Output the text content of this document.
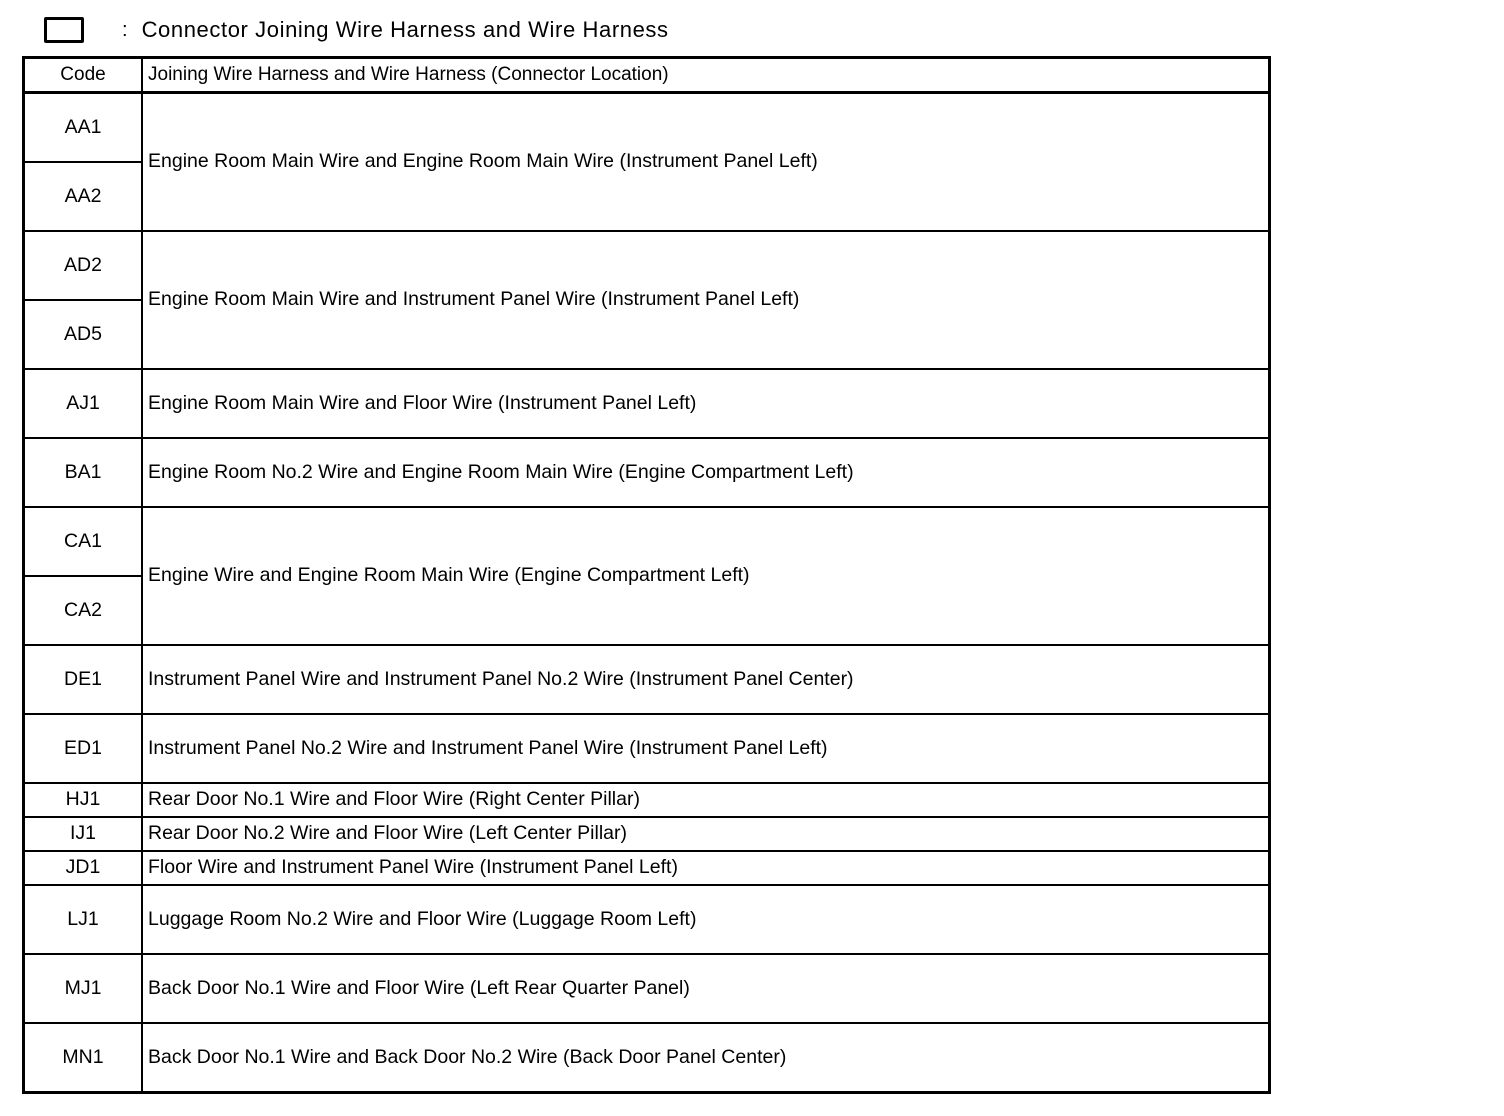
: Connector Joining Wire Harness and Wire Harness
Code	Joining Wire Harness and Wire Harness (Connector Location)
AA1	Engine Room Main Wire and Engine Room Main Wire (Instrument Panel Left)
AA2	
AD2	Engine Room Main Wire and Instrument Panel Wire (Instrument Panel Left)
AD5	
AJ1	Engine Room Main Wire and Floor Wire (Instrument Panel Left)
BA1	Engine Room No.2 Wire and Engine Room Main Wire (Engine Compartment Left)
CA1	Engine Wire and Engine Room Main Wire (Engine Compartment Left)
CA2	
DE1	Instrument Panel Wire and Instrument Panel No.2 Wire (Instrument Panel Center)
ED1	Instrument Panel No.2 Wire and Instrument Panel Wire (Instrument Panel Left)
HJ1	Rear Door No.1 Wire and Floor Wire (Right Center Pillar)
IJ1	Rear Door No.2 Wire and Floor Wire (Left Center Pillar)
JD1	Floor Wire and Instrument Panel Wire (Instrument Panel Left)
LJ1	Luggage Room No.2 Wire and Floor Wire (Luggage Room Left)
MJ1	Back Door No.1 Wire and Floor Wire (Left Rear Quarter Panel)
MN1	Back Door No.1 Wire and Back Door No.2 Wire (Back Door Panel Center)
